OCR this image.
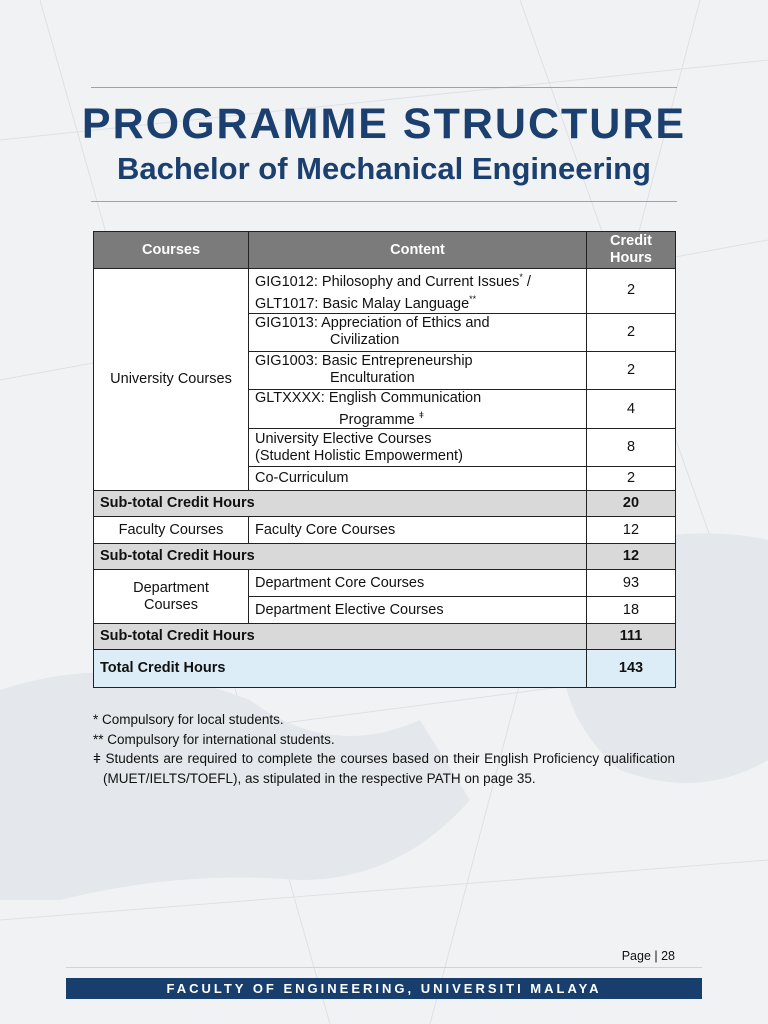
PROGRAMME STRUCTURE
Bachelor of Mechanical Engineering
Courses	Content	Credit
Hours
University Courses	GIG1012: Philosophy and Current Issues* /
GLT1017: Basic Malay Language**	2
	GIG1013: Appreciation of Ethics and
Civilization	2
	GIG1003: Basic Entrepreneurship
Enculturation	2
	GLTXXXX: English Communication
Programme $^ǂ$	4
	University Elective Courses
(Student Holistic Empowerment)	8
	Co-Curriculum	2
Sub-total Credit Hours		20
Faculty Courses	Faculty Core Courses	12
Sub-total Credit Hours		12
Department
Courses	Department Core Courses	93
	Department Elective Courses	18
Sub-total Credit Hours		111
Total Credit Hours		143

* Compulsory for local students.

** Compulsory for international students.

ǂ Students are required to complete the courses based on their English Proficiency qualification (MUET/IELTS/TOEFL), as stipulated in the respective PATH on page 35.

Page | 28
FACULTY OF ENGINEERING, UNIVERSITI MALAYA
